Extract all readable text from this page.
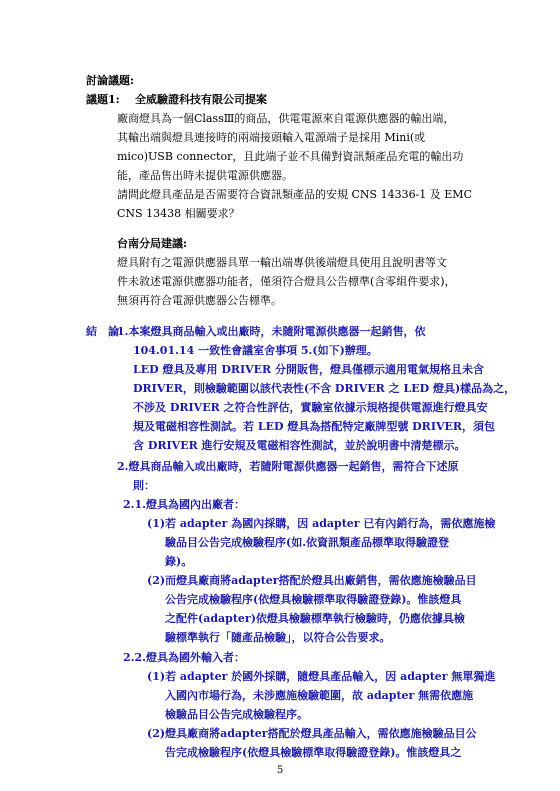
討論議題:
議題1: 全威驗證科技有限公司提案
廠商燈具為一個ClassⅢ的商品，供電電源來自電源供應器的輸出端，
其輸出端與燈具連接時的兩端接頭輸入電源端子是採用 Mini(或
mico)USB connector，且此端子並不具備對資訊類產品充電的輸出功
能，產品售出時未提供電源供應器。
請問此燈具產品是否需要符合資訊類產品的安規 CNS 14336-1 及 EMC
CNS 13438 相關要求？
台南分局建議:
燈具附有之電源供應器具單一輸出端專供後端燈具使用且說明書等文
件未敘述電源供應器功能者，僅須符合燈具公告標準(含零組件要求)，
無須再符合電源供應器公告標準。
結　論:
1.本案燈具商品輸入或出廠時，未隨附電源供應器一起銷售，依
104.01.14 一致性會議室舍事項 5.(如下)辦理。
LED 燈具及專用 DRIVER 分開販售，燈具僅標示適用電氣規格且未含
DRIVER，則檢驗範圍以該代表性(不含 DRIVER 之 LED 燈具)樣品為之，
不涉及 DRIVER 之符合性評估，實驗室依據示規格提供電源進行燈具安
規及電磁相容性測試。若 LED 燈具為搭配特定廠牌型號 DRIVER，須包
含 DRIVER 進行安規及電磁相容性測試，並於說明書中清楚標示。
2.燈具商品輸入或出廠時，若隨附電源供應器一起銷售，需符合下述原
則：
2.1.燈具為國內出廠者：
(1)若 adapter 為國內採購，因 adapter 已有內銷行為，需依應施檢
驗品目公告完成檢驗程序(如.依資訊類產品標準取得驗證登
錄)。
(2)而燈具廠商將adapter搭配於燈具出廠銷售，需依應施檢驗品目
公告完成檢驗程序(依燈具檢驗標準取得驗證登錄)。惟該燈具
之配件(adapter)依燈具檢驗標準執行檢驗時，仍應依據具檢
驗標準執行「隨產品檢驗」，以符合公告要求。
2.2.燈具為國外輸入者：
(1)若 adapter 於國外採購，隨燈具產品輸入，因 adapter 無單獨進
入國內市場行為，未涉應施檢驗範圍，故 adapter 無需依應施
檢驗品目公告完成檢驗程序。
(2)燈具廠商將adapter搭配於燈具產品輸入，需依應施檢驗品目公
告完成檢驗程序(依燈具檢驗標準取得驗證登錄)。惟該燈具之
5
